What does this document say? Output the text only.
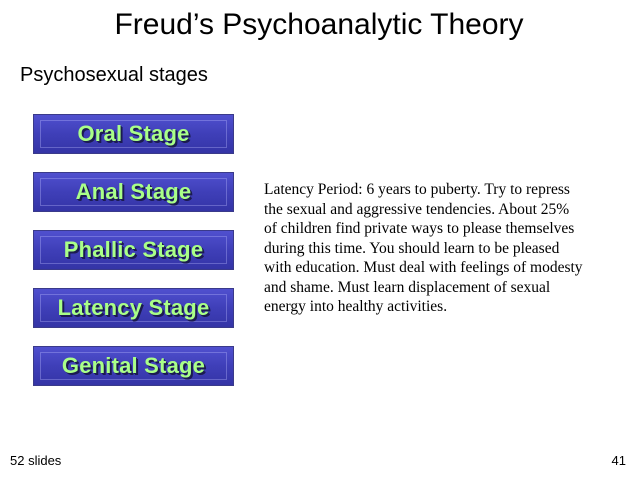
Freud’s Psychoanalytic Theory
Psychosexual stages
Oral Stage
Anal Stage
Phallic Stage
Latency Stage
Genital Stage
Latency Period: 6 years to puberty. Try to repress the sexual and aggressive tendencies. About 25% of children find private ways to please themselves during this time. You should learn to be pleased with education. Must deal with feelings of modesty and shame. Must learn displacement of sexual energy into healthy activities.
52 slides	41
